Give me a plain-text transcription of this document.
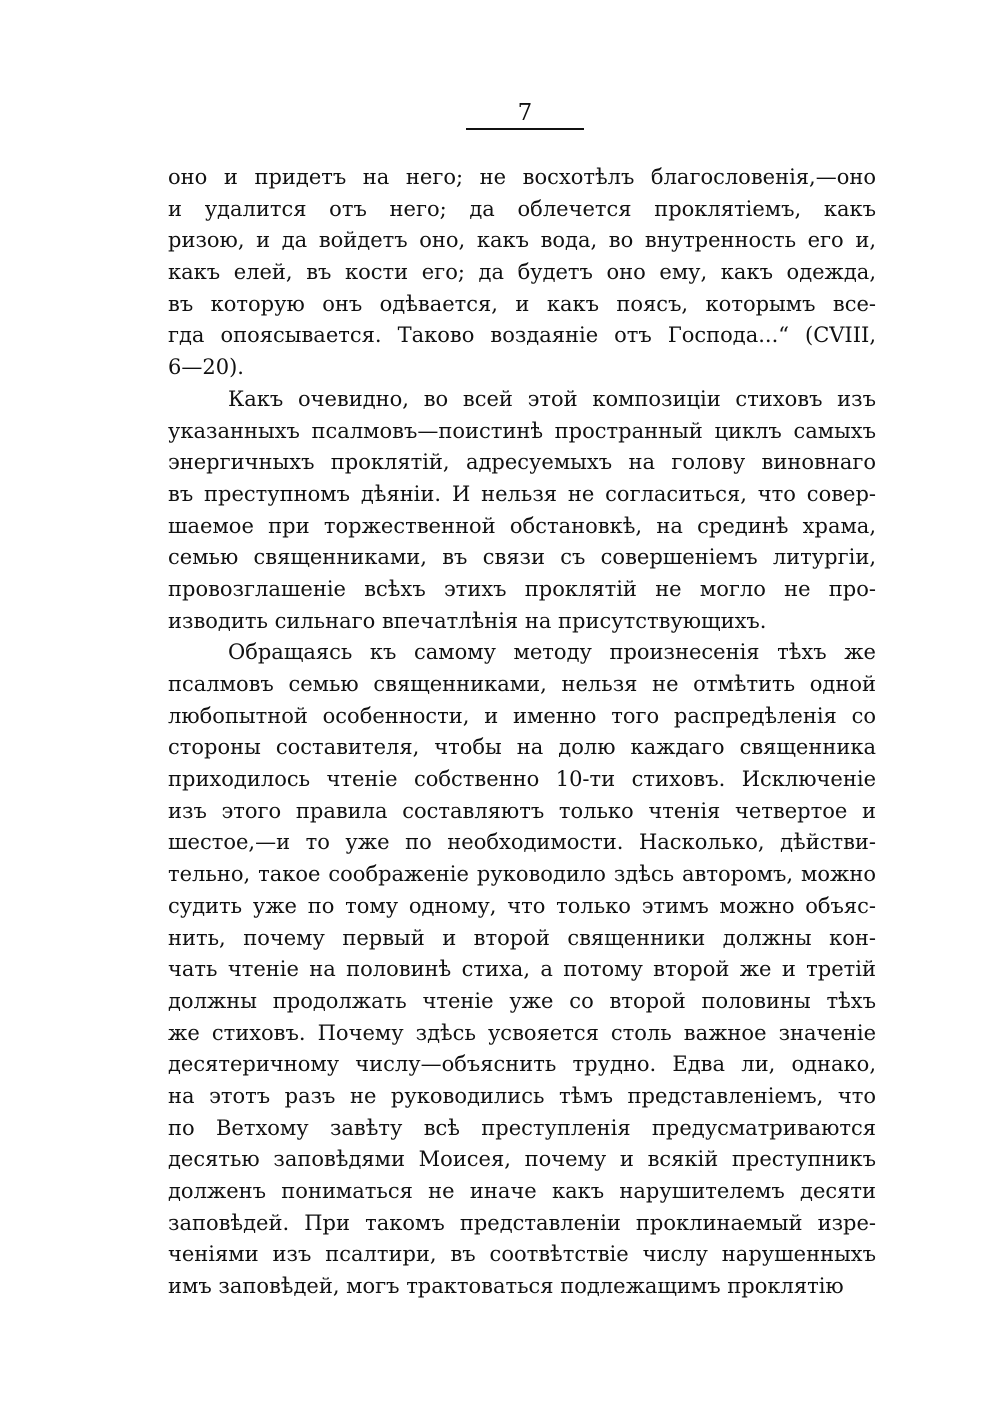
7
оно и придетъ на него; не восхотѣлъ благословенія,—оно
и удалится отъ него; да облечется проклятіемъ, какъ
ризою, и да войдетъ оно, какъ вода, во внутренность его и,
какъ елей, въ кости его; да будетъ оно ему, какъ одежда,
въ которую онъ одѣвается, и какъ поясъ, которымъ все-
гда опоясывается. Таково воздаяніе отъ Господа...“ (CVIII,
6—20).
Какъ очевидно, во всей этой композиціи стиховъ изъ
указанныхъ псалмовъ—поистинѣ пространный циклъ самыхъ
энергичныхъ проклятій, адресуемыхъ на голову виновнаго
въ преступномъ дѣяніи. И нельзя не согласиться, что совер-
шаемое при торжественной обстановкѣ, на срединѣ храма,
семью священниками, въ связи съ совершеніемъ литургіи,
провозглашеніе всѣхъ этихъ проклятій не могло не про-
изводить сильнаго впечатлѣнія на присутствующихъ.
Обращаясь къ самому методу произнесенія тѣхъ же
псалмовъ семью священниками, нельзя не отмѣтить одной
любопытной особенности, и именно того распредѣленія со
стороны составителя, чтобы на долю каждаго священника
приходилось чтеніе собственно 10-ти стиховъ. Исключеніе
изъ этого правила составляютъ только чтенія четвертое и
шестое,—и то уже по необходимости. Насколько, дѣйстви-
тельно, такое соображеніе руководило здѣсь авторомъ, можно
судить уже по тому одному, что только этимъ можно объяс-
нить, почему первый и второй священники должны кон-
чать чтеніе на половинѣ стиха, а потому второй же и третій
должны продолжать чтеніе уже со второй половины тѣхъ
же стиховъ. Почему здѣсь усвояется столь важное значеніе
десятеричному числу—объяснить трудно. Едва ли, однако,
на этотъ разъ не руководились тѣмъ представленіемъ, что
по Ветхому завѣту всѣ преступленія предусматриваются
десятью заповѣдями Моисея, почему и всякій преступникъ
долженъ пониматься не иначе какъ нарушителемъ десяти
заповѣдей. При такомъ представленіи проклинаемый изре-
ченіями изъ псалтири, въ соотвѣтствіе числу нарушенныхъ
имъ заповѣдей, могъ трактоваться подлежащимъ проклятію
